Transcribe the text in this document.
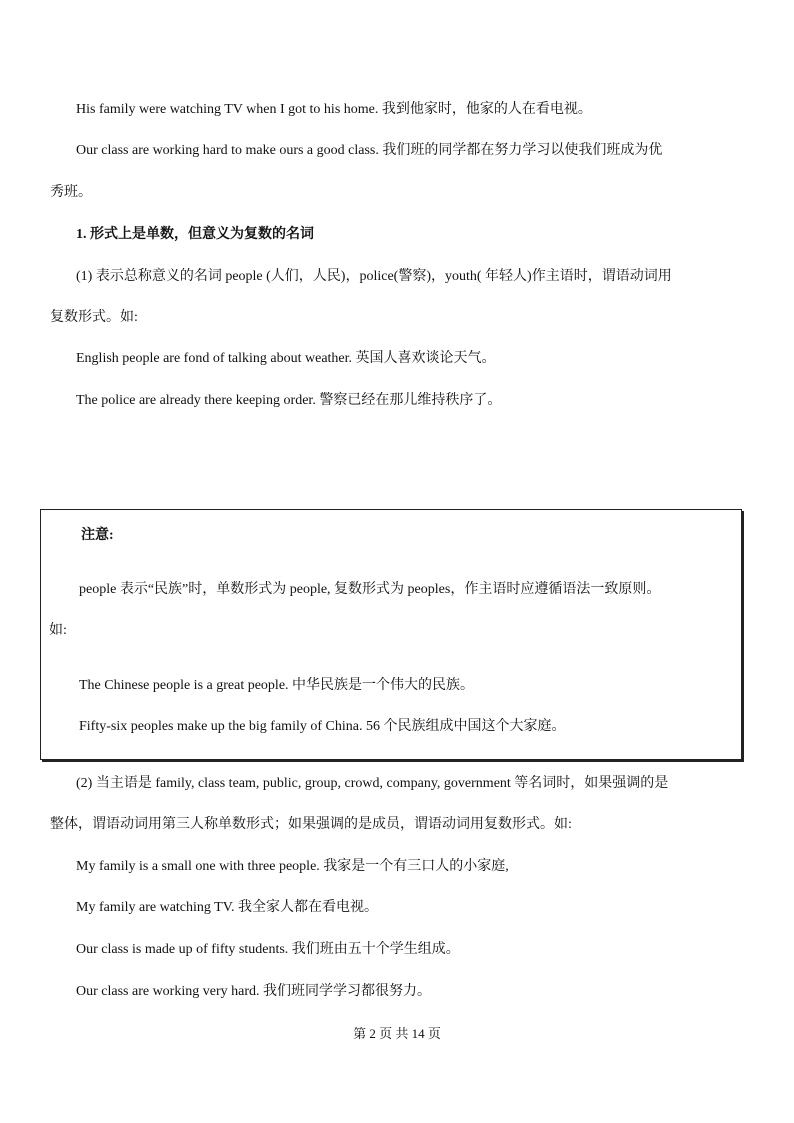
His family were watching TV when I got to his home. 我到他家时，他家的人在看电视。
Our class are working hard to make ours a good class. 我们班的同学都在努力学习以使我们班成为优
秀班。
1. 形式上是单数，但意义为复数的名词
(1) 表示总称意义的名词 people (人们，人民)，police(警察)，youth( 年轻人)作主语时，谓语动词用
复数形式。如:
English people are fond of talking about weather. 英国人喜欢谈论天气。
The police are already there keeping order. 警察已经在那儿维持秩序了。
注意:
people 表示“民族”时，单数形式为 people, 复数形式为 peoples，作主语时应遵循语法一致原则。
如:
The Chinese people is a great people. 中华民族是一个伟大的民族。
Fifty-six peoples make up the big family of China. 56 个民族组成中国这个大家庭。
(2) 当主语是 family, class team, public, group, crowd, company, government 等名词时，如果强调的是
整体，谓语动词用第三人称单数形式；如果强调的是成员，谓语动词用复数形式。如:
My family is a small one with three people. 我家是一个有三口人的小家庭,
My family are watching TV. 我全家人都在看电视。
Our class is made up of fifty students. 我们班由五十个学生组成。
Our class are working very hard. 我们班同学学习都很努力。
第 2 页 共 14 页
